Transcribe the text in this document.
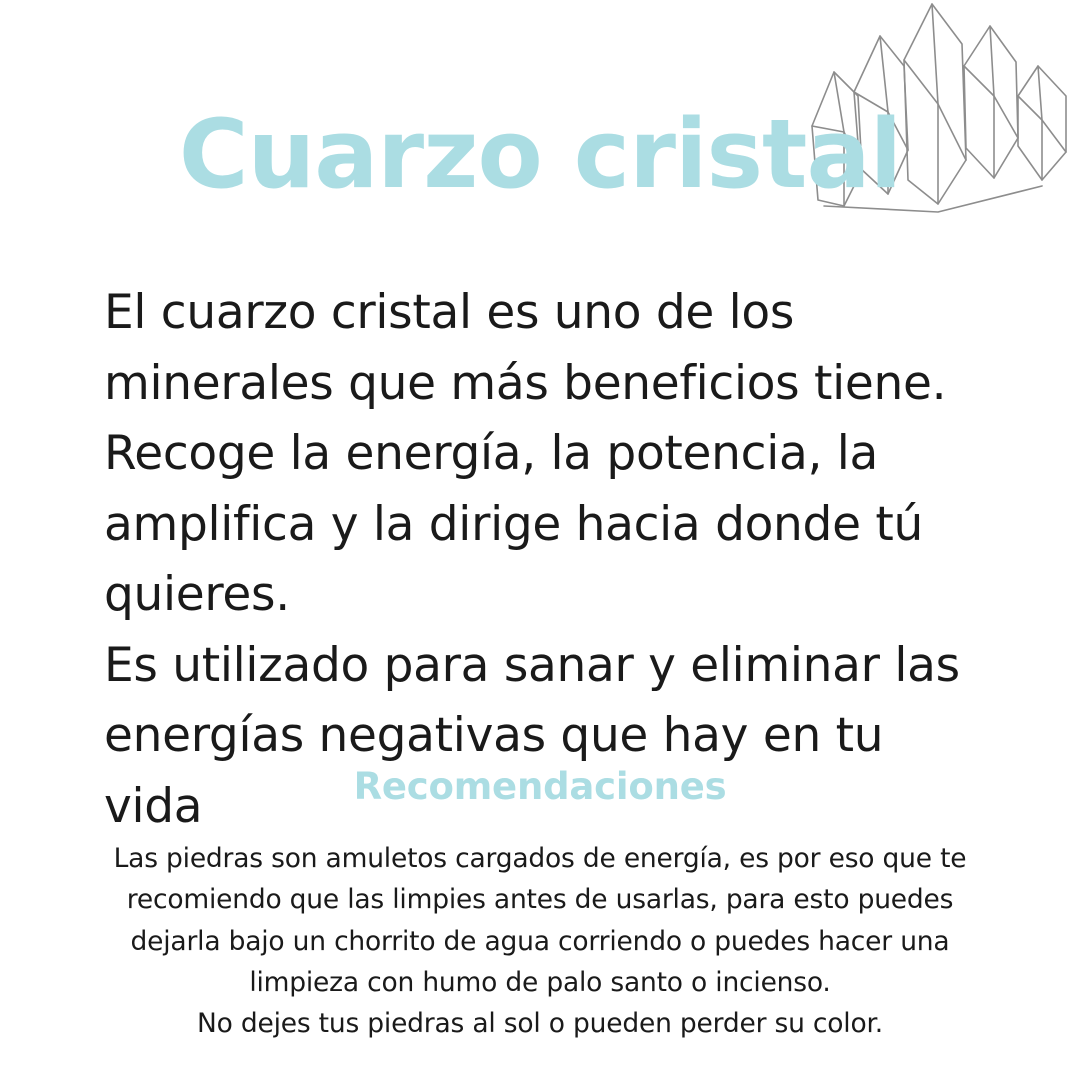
Cuarzo cristal

El cuarzo cristal es uno de los minerales que más beneficios tiene. Recoge la energía, la potencia, la amplifica y la dirige hacia donde tú quieres.

Es utilizado para sanar y eliminar las energías negativas que hay en tu vida	Recomendaciones

Las piedras son amuletos cargados de energía, es por eso que te recomiendo que las limpies antes de usarlas, para esto puedes dejarla bajo un chorrito de agua corriendo o puedes hacer una limpieza con humo de palo santo o incienso.

No dejes tus piedras al sol o pueden perder su color.
